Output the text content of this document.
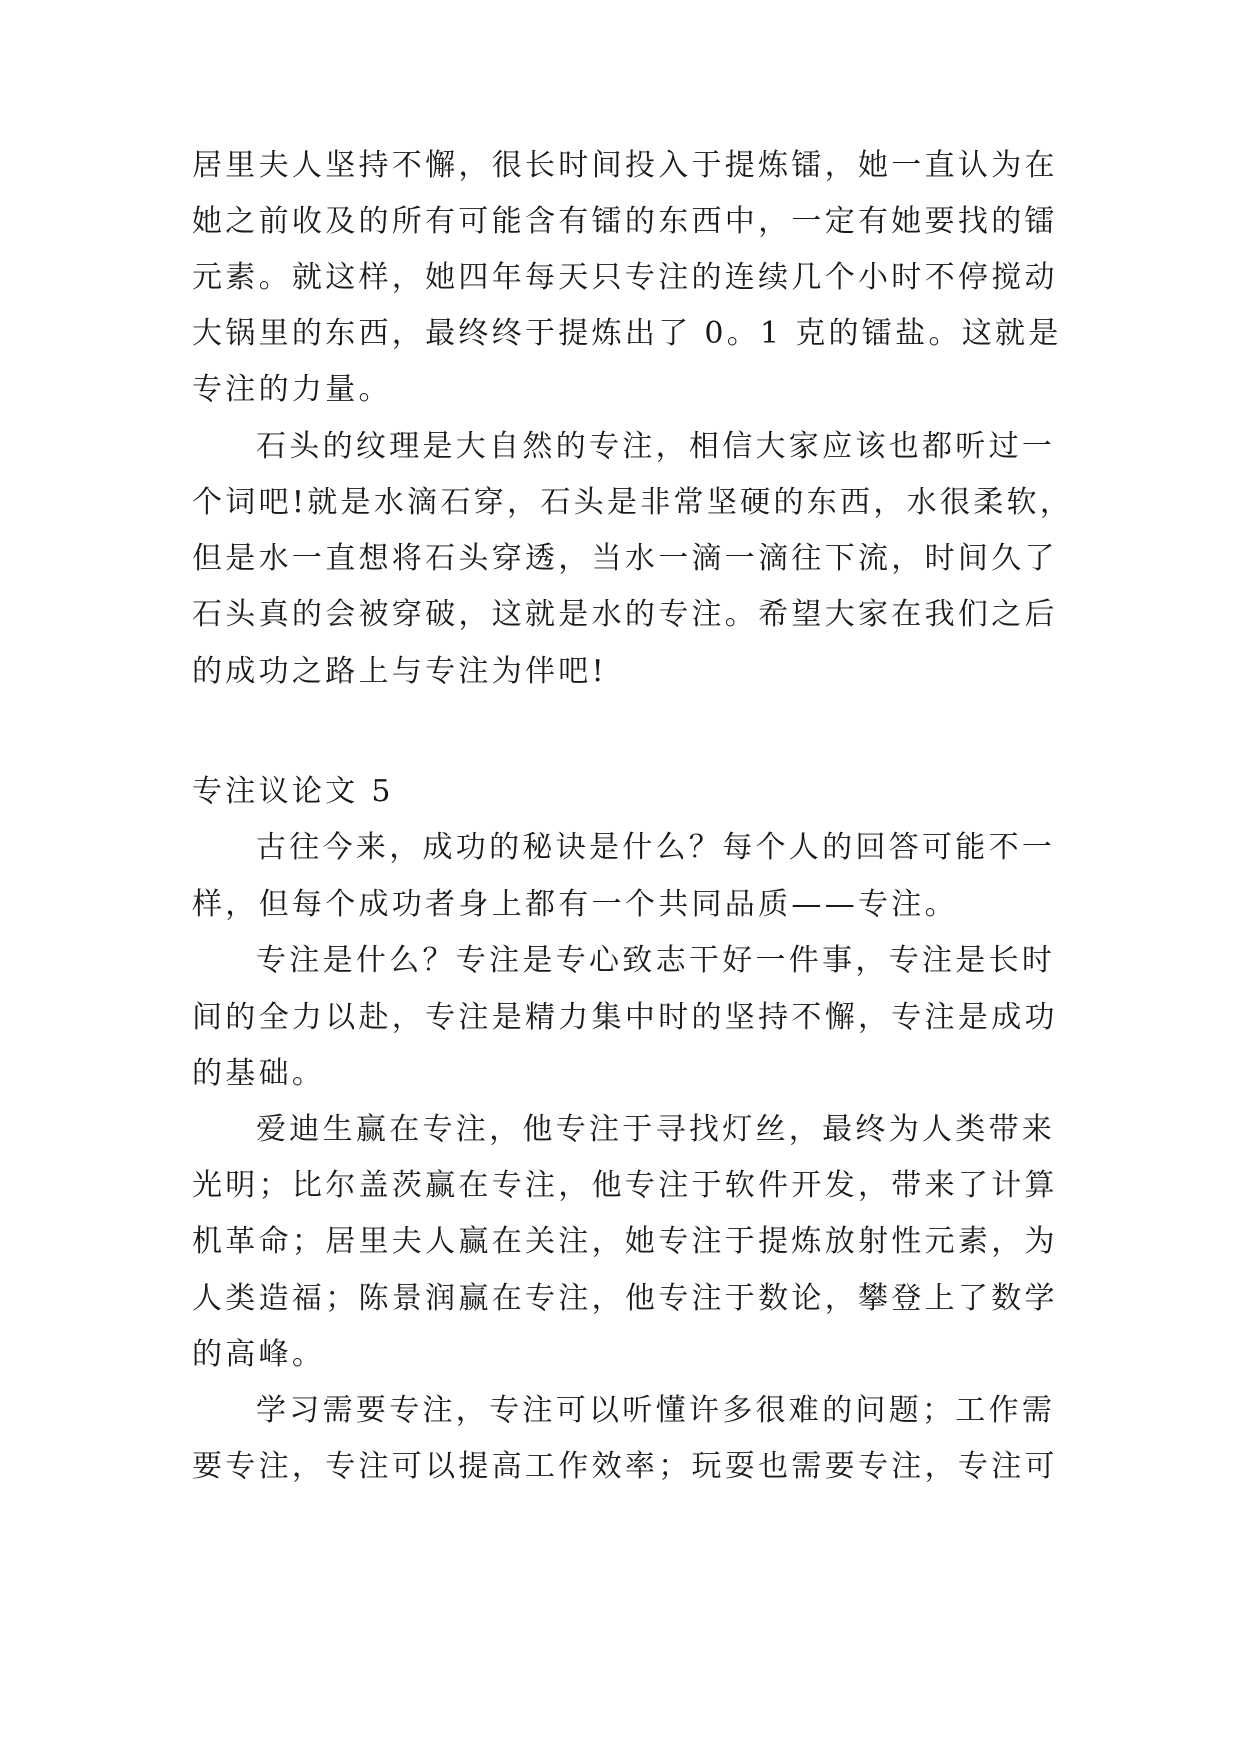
居里夫人坚持不懈，很长时间投入于提炼镭，她一直认为在
她之前收及的所有可能含有镭的东西中，一定有她要找的镭
元素。就这样，她四年每天只专注的连续几个小时不停搅动
大锅里的东西，最终终于提炼出了 0。1 克的镭盐。这就是
专注的力量。
石头的纹理是大自然的专注，相信大家应该也都听过一
个词吧!就是水滴石穿，石头是非常坚硬的东西，水很柔软，
但是水一直想将石头穿透，当水一滴一滴往下流，时间久了
石头真的会被穿破，这就是水的专注。希望大家在我们之后
的成功之路上与专注为伴吧!
专注议论文 5
古往今来，成功的秘诀是什么？每个人的回答可能不一
样，但每个成功者身上都有一个共同品质——专注。
专注是什么？专注是专心致志干好一件事，专注是长时
间的全力以赴，专注是精力集中时的坚持不懈，专注是成功
的基础。
爱迪生赢在专注，他专注于寻找灯丝，最终为人类带来
光明；比尔盖茨赢在专注，他专注于软件开发，带来了计算
机革命；居里夫人赢在关注，她专注于提炼放射性元素，为
人类造福；陈景润赢在专注，他专注于数论，攀登上了数学
的高峰。
学习需要专注，专注可以听懂许多很难的问题；工作需
要专注，专注可以提高工作效率；玩耍也需要专注，专注可
